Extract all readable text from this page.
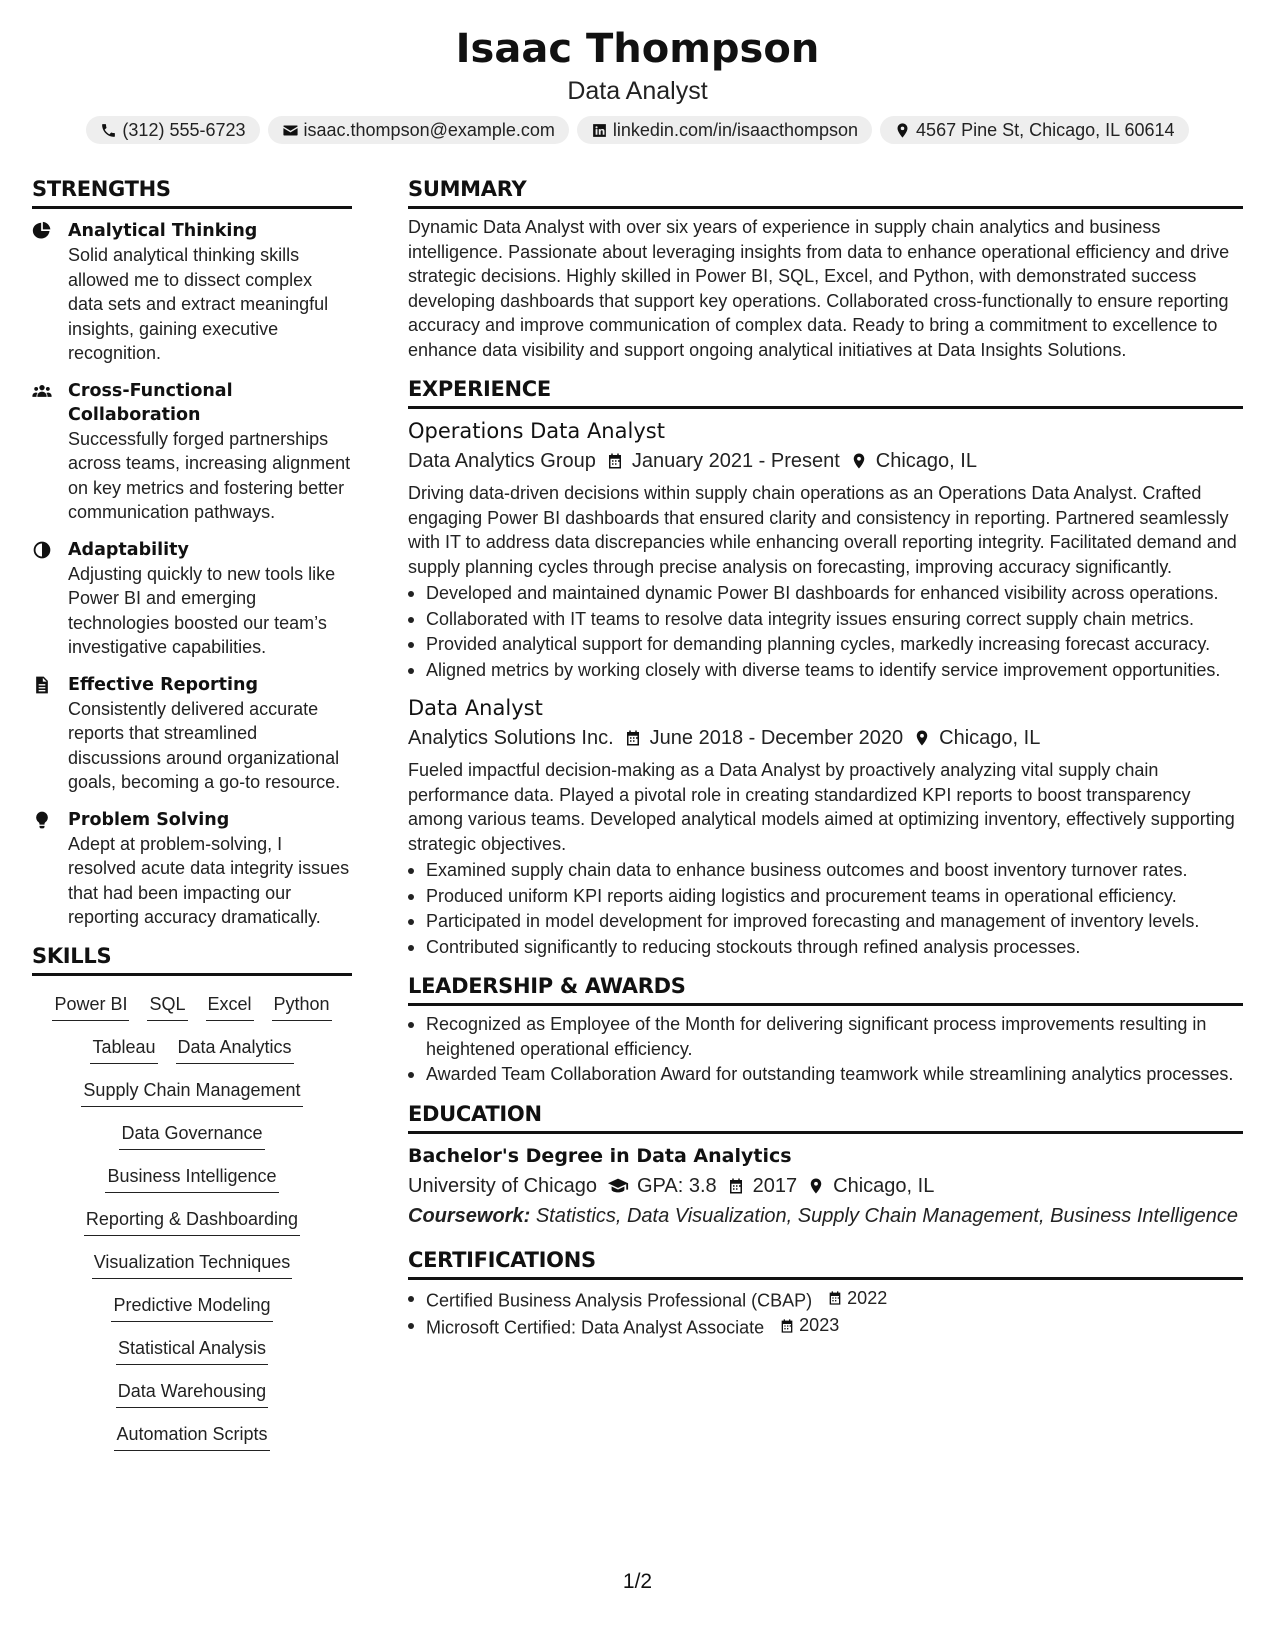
Isaac Thompson
Data Analyst
(312) 555-6723	isaac.thompson@example.com	linkedin.com/in/isaacthompson	4567 Pine St, Chicago, IL 60614
STRENGTHS
Analytical Thinking
Solid analytical thinking skills allowed me to dissect complex data sets and extract meaningful insights, gaining executive recognition.
Cross-Functional Collaboration
Successfully forged partnerships across teams, increasing alignment on key metrics and fostering better communication pathways.
Adaptability
Adjusting quickly to new tools like Power BI and emerging technologies boosted our team’s investigative capabilities.
Effective Reporting
Consistently delivered accurate reports that streamlined discussions around organizational goals, becoming a go-to resource.
Problem Solving
Adept at problem-solving, I resolved acute data integrity issues that had been impacting our reporting accuracy dramatically.
SKILLS
Power BI SQL Excel Python
Tableau Data Analytics
Supply Chain Management
Data Governance
Business Intelligence
Reporting & Dashboarding
Visualization Techniques
Predictive Modeling
Statistical Analysis
Data Warehousing
Automation Scripts
SUMMARY
Dynamic Data Analyst with over six years of experience in supply chain analytics and business intelligence. Passionate about leveraging insights from data to enhance operational efficiency and drive strategic decisions. Highly skilled in Power BI, SQL, Excel, and Python, with demonstrated success developing dashboards that support key operations. Collaborated cross-functionally to ensure reporting accuracy and improve communication of complex data. Ready to bring a commitment to excellence to enhance data visibility and support ongoing analytical initiatives at Data Insights Solutions.
EXPERIENCE
Operations Data Analyst
Data Analytics Group January 2021 - Present Chicago, IL
Driving data-driven decisions within supply chain operations as an Operations Data Analyst. Crafted engaging Power BI dashboards that ensured clarity and consistency in reporting. Partnered seamlessly with IT to address data discrepancies while enhancing overall reporting integrity. Facilitated demand and supply planning cycles through precise analysis on forecasting, improving accuracy significantly.
Developed and maintained dynamic Power BI dashboards for enhanced visibility across operations.
Collaborated with IT teams to resolve data integrity issues ensuring correct supply chain metrics.
Provided analytical support for demanding planning cycles, markedly increasing forecast accuracy.
Aligned metrics by working closely with diverse teams to identify service improvement opportunities.
Data Analyst
Analytics Solutions Inc. June 2018 - December 2020 Chicago, IL
Fueled impactful decision-making as a Data Analyst by proactively analyzing vital supply chain performance data. Played a pivotal role in creating standardized KPI reports to boost transparency among various teams. Developed analytical models aimed at optimizing inventory, effectively supporting strategic objectives.
Examined supply chain data to enhance business outcomes and boost inventory turnover rates.
Produced uniform KPI reports aiding logistics and procurement teams in operational efficiency.
Participated in model development for improved forecasting and management of inventory levels.
Contributed significantly to reducing stockouts through refined analysis processes.
LEADERSHIP & AWARDS
Recognized as Employee of the Month for delivering significant process improvements resulting in heightened operational efficiency.
Awarded Team Collaboration Award for outstanding teamwork while streamlining analytics processes.
EDUCATION
Bachelor's Degree in Data Analytics
University of Chicago GPA: 3.8 2017 Chicago, IL
Coursework: Statistics, Data Visualization, Supply Chain Management, Business Intelligence
CERTIFICATIONS
Certified Business Analysis Professional (CBAP) 2022
Microsoft Certified: Data Analyst Associate 2023
1/2
